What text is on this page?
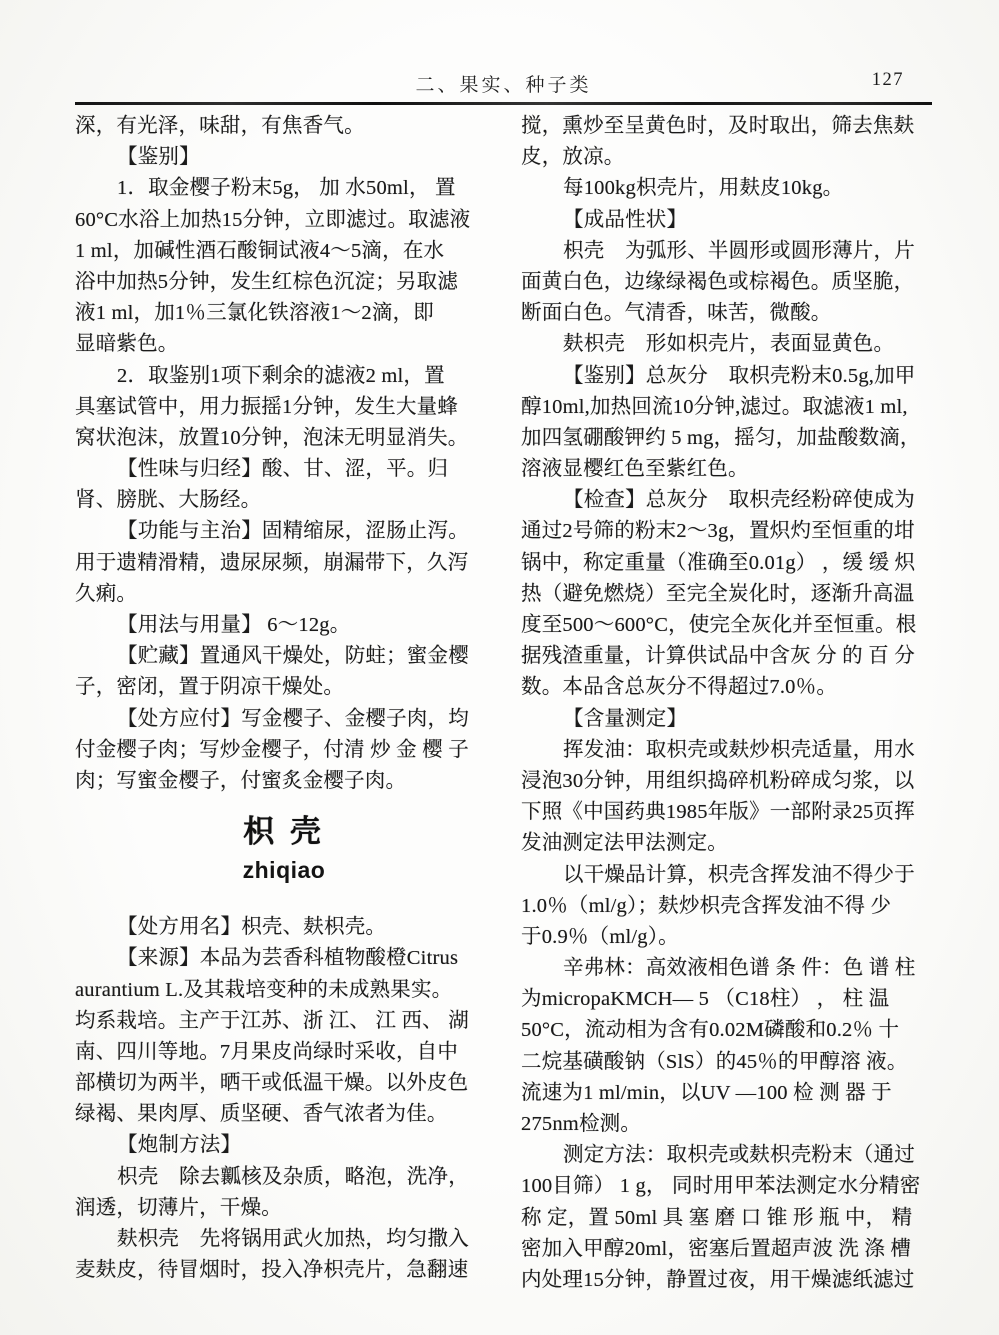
二、果实、种子类	127
深，有光泽，味甜，有焦香气。
【鉴别】
1．取金樱子粉末5g， 加 水50ml， 置
60°C水浴上加热15分钟，立即滤过。取滤液
1 ml，加碱性酒石酸铜试液4～5滴，在水
浴中加热5分钟，发生红棕色沉淀；另取滤
液1 ml，加1％三氯化铁溶液1～2滴，即
显暗紫色。
2．取鉴别1项下剩余的滤液2 ml，置
具塞试管中，用力振摇1分钟，发生大量蜂
窝状泡沫，放置10分钟，泡沫无明显消失。
【性味与归经】酸、甘、涩，平。归
肾、膀胱、大肠经。
【功能与主治】固精缩尿，涩肠止泻。
用于遗精滑精，遗尿尿频，崩漏带下，久泻
久痢。
【用法与用量】 6～12g。
【贮藏】置通风干燥处，防蛀；蜜金樱
子，密闭，置于阴凉干燥处。
【处方应付】写金樱子、金樱子肉，均
付金樱子肉；写炒金樱子，付清 炒 金 樱 子
肉；写蜜金樱子，付蜜炙金樱子肉。
枳 壳
zhiqiao
【处方用名】枳壳、麸枳壳。
【来源】本品为芸香科植物酸橙Citrus
aurantium L.及其栽培变种的未成熟果实。
均系栽培。主产于江苏、浙 江、 江 西、 湖
南、四川等地。7月果皮尚绿时采收，自中
部横切为两半，晒干或低温干燥。以外皮色
绿褐、果肉厚、质坚硬、香气浓者为佳。
【炮制方法】
枳壳　除去瓤核及杂质，略泡，洗净，
润透，切薄片，干燥。
麸枳壳　先将锅用武火加热，均匀撒入
麦麸皮，待冒烟时，投入净枳壳片，急翻速
搅，熏炒至呈黄色时，及时取出，筛去焦麸
皮，放凉。
每100kg枳壳片，用麸皮10kg。
【成品性状】
枳壳　为弧形、半圆形或圆形薄片，片
面黄白色，边缘绿褐色或棕褐色。质坚脆，
断面白色。气清香，味苦，微酸。
麸枳壳　形如枳壳片，表面显黄色。
【鉴别】总灰分　取枳壳粉末0.5g,加甲
醇10ml,加热回流10分钟,滤过。取滤液1 ml,
加四氢硼酸钾约 5 mg，摇匀，加盐酸数滴，
溶液显樱红色至紫红色。
【检查】总灰分　取枳壳经粉碎使成为
通过2号筛的粉末2～3g，置炽灼至恒重的坩
锅中，称定重量（准确至0.01g） ，缓 缓 炽
热（避免燃烧）至完全炭化时，逐渐升高温
度至500～600°C，使完全灰化并至恒重。根
据残渣重量，计算供试品中含灰 分 的 百 分
数。本品含总灰分不得超过7.0％。
【含量测定】
挥发油：取枳壳或麸炒枳壳适量，用水
浸泡30分钟，用组织捣碎机粉碎成匀浆，以
下照《中国药典1985年版》一部附录25页挥
发油测定法甲法测定。
以干燥品计算，枳壳含挥发油不得少于
1.0％（ml/g）；麸炒枳壳含挥发油不得 少
于0.9％（ml/g）。
辛弗林：高效液相色谱 条 件：色 谱 柱
为micropaKMCH— 5 （C18柱） ， 柱 温
50°C，流动相为含有0.02M磷酸和0.2％ 十
二烷基磺酸钠（SlS）的45％的甲醇溶 液。
流速为1 ml/min，以UV —100 检 测 器 于
275nm检测。
测定方法：取枳壳或麸枳壳粉末（通过
100目筛） 1 g， 同时用甲苯法测定水分精密
称 定，置 50ml 具 塞 磨 口 锥 形 瓶 中， 精
密加入甲醇20ml，密塞后置超声波 洗 涤 槽
内处理15分钟，静置过夜，用干燥滤纸滤过
